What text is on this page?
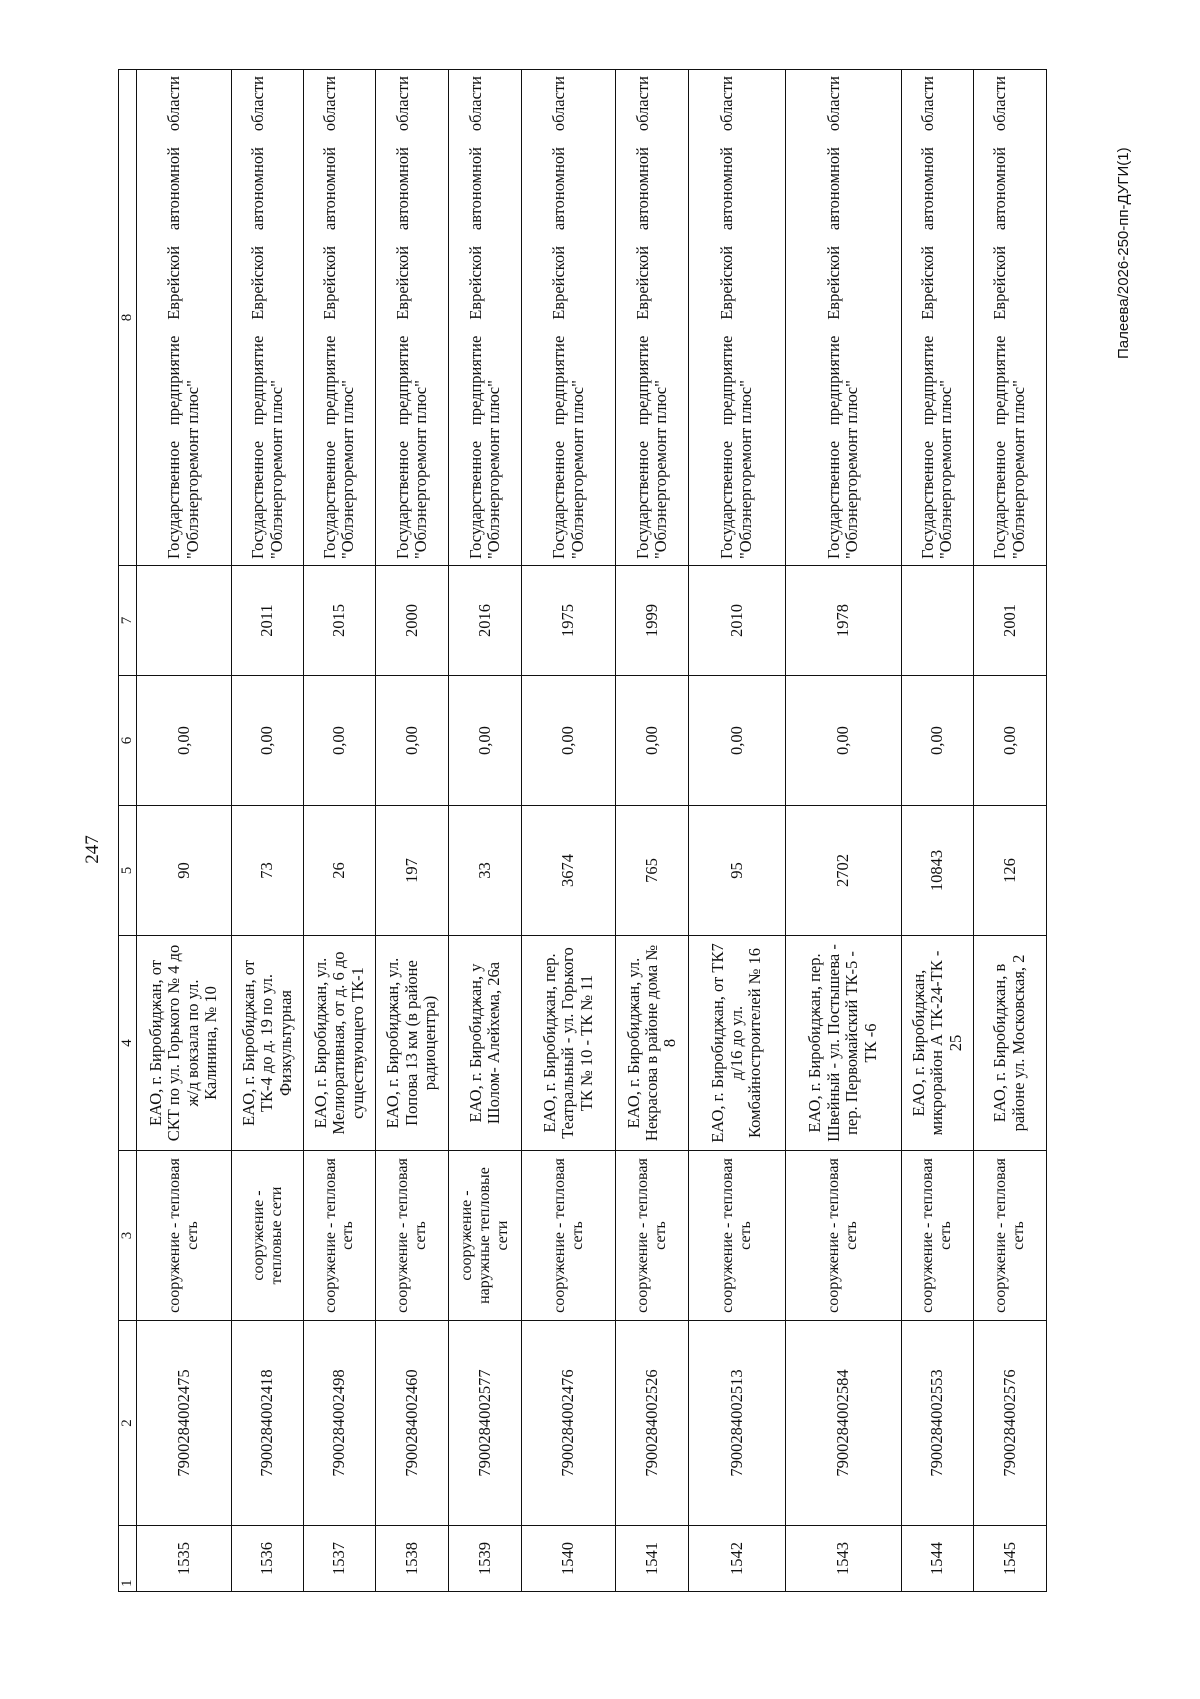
247
1	2	3	4	5	6	7	8
1535	7900284002475	сооружение - тепловая сеть	ЕАО, г. Биробиджан, от СКТ по ул. Горького № 4 до ж/д вокзала по ул. Калинина, № 10	90	0,00		Государственное предприятие Еврейской автономной области "Облэнергоремонт плюс"
1536	7900284002418	сооружение - тепловые сети	ЕАО, г. Биробиджан, от ТК-4 до д. 19 по ул. Физкультурная	73	0,00	2011	Государственное предприятие Еврейской автономной области "Облэнергоремонт плюс"
1537	7900284002498	сооружение - тепловая сеть	ЕАО, г. Биробиджан, ул. Мелиоративная, от д. 6 до существующего ТК-1	26	0,00	2015	Государственное предприятие Еврейской автономной области "Облэнергоремонт плюс"
1538	7900284002460	сооружение - тепловая сеть	ЕАО, г. Биробиджан, ул. Попова 13 км (в районе радиоцентра)	197	0,00	2000	Государственное предприятие Еврейской автономной области "Облэнергоремонт плюс"
1539	7900284002577	сооружение - наружные тепловые сети	ЕАО, г. Биробиджан, у Шолом- Алейхема, 26а	33	0,00	2016	Государственное предприятие Еврейской автономной области "Облэнергоремонт плюс"
1540	7900284002476	сооружение - тепловая сеть	ЕАО, г. Биробиджан, пер. Театральный - ул. Горького ТК № 10 - ТК № 11	3674	0,00	1975	Государственное предприятие Еврейской автономной области "Облэнергоремонт плюс"
1541	7900284002526	сооружение - тепловая сеть	ЕАО, г. Биробиджан, ул. Некрасова в районе дома № 8	765	0,00	1999	Государственное предприятие Еврейской автономной области "Облэнергоремонт плюс"
1542	7900284002513	сооружение - тепловая сеть	ЕАО, г. Биробиджан, от ТК7 д/16 до ул. Комбайностроителей № 16	95	0,00	2010	Государственное предприятие Еврейской автономной области "Облэнергоремонт плюс"
1543	7900284002584	сооружение - тепловая сеть	ЕАО, г. Биробиджан, пер. Швейный - ул. Постышева - пер. Первомайский ТК-5 - ТК -6	2702	0,00	1978	Государственное предприятие Еврейской автономной области "Облэнергоремонт плюс"
1544	7900284002553	сооружение - тепловая сеть	ЕАО, г. Биробиджан, микрорайон А ТК-24-ТК - 25	10843	0,00		Государственное предприятие Еврейской автономной области "Облэнергоремонт плюс"
1545	7900284002576	сооружение - тепловая сеть	ЕАО, г. Биробиджан, в районе ул. Московская, 2	126	0,00	2001	Государственное предприятие Еврейской автономной области "Облэнергоремонт плюс"
Палеева/2026-250-пп-ДУГИ(1)
